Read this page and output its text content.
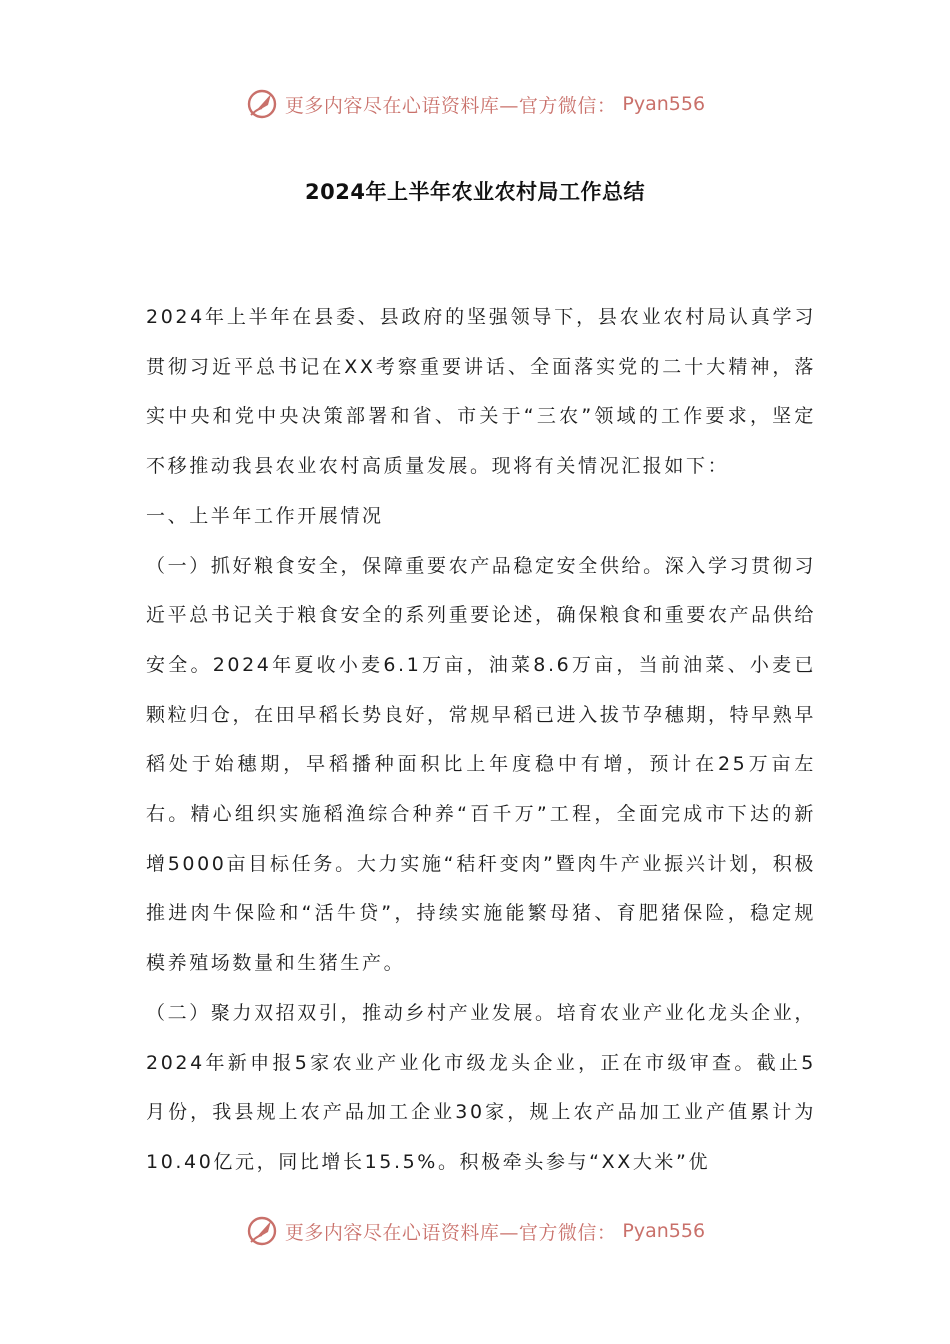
更多内容尽在心语资料库—官方微信： Pyan556
2024年上半年农业农村局工作总结

2024年上半年在县委、县政府的坚强领导下，县农业农村局认真学习贯彻习近平总书记在XX考察重要讲话、全面落实党的二十大精神，落实中央和党中央决策部署和省、市关于“三农”领域的工作要求，坚定不移推动我县农业农村高质量发展。现将有关情况汇报如下：

一、上半年工作开展情况

（一）抓好粮食安全，保障重要农产品稳定安全供给。深入学习贯彻习近平总书记关于粮食安全的系列重要论述，确保粮食和重要农产品供给安全。2024年夏收小麦6.1万亩，油菜8.6万亩，当前油菜、小麦已颗粒归仓，在田早稻长势良好，常规早稻已进入拔节孕穗期，特早熟早稻处于始穗期，早稻播种面积比上年度稳中有增，预计在25万亩左右。精心组织实施稻渔综合种养“百千万”工程，全面完成市下达的新增5000亩目标任务。大力实施“秸秆变肉”暨肉牛产业振兴计划，积极推进肉牛保险和“活牛贷”，持续实施能繁母猪、育肥猪保险，稳定规模养殖场数量和生猪生产。

（二）聚力双招双引，推动乡村产业发展。培育农业产业化龙头企业，2024年新申报5家农业产业化市级龙头企业，正在市级审查。截止5月份，我县规上农产品加工企业30家，规上农产品加工业产值累计为10.40亿元，同比增长15.5%。积极牵头参与“XX大米”优

更多内容尽在心语资料库—官方微信： Pyan556
